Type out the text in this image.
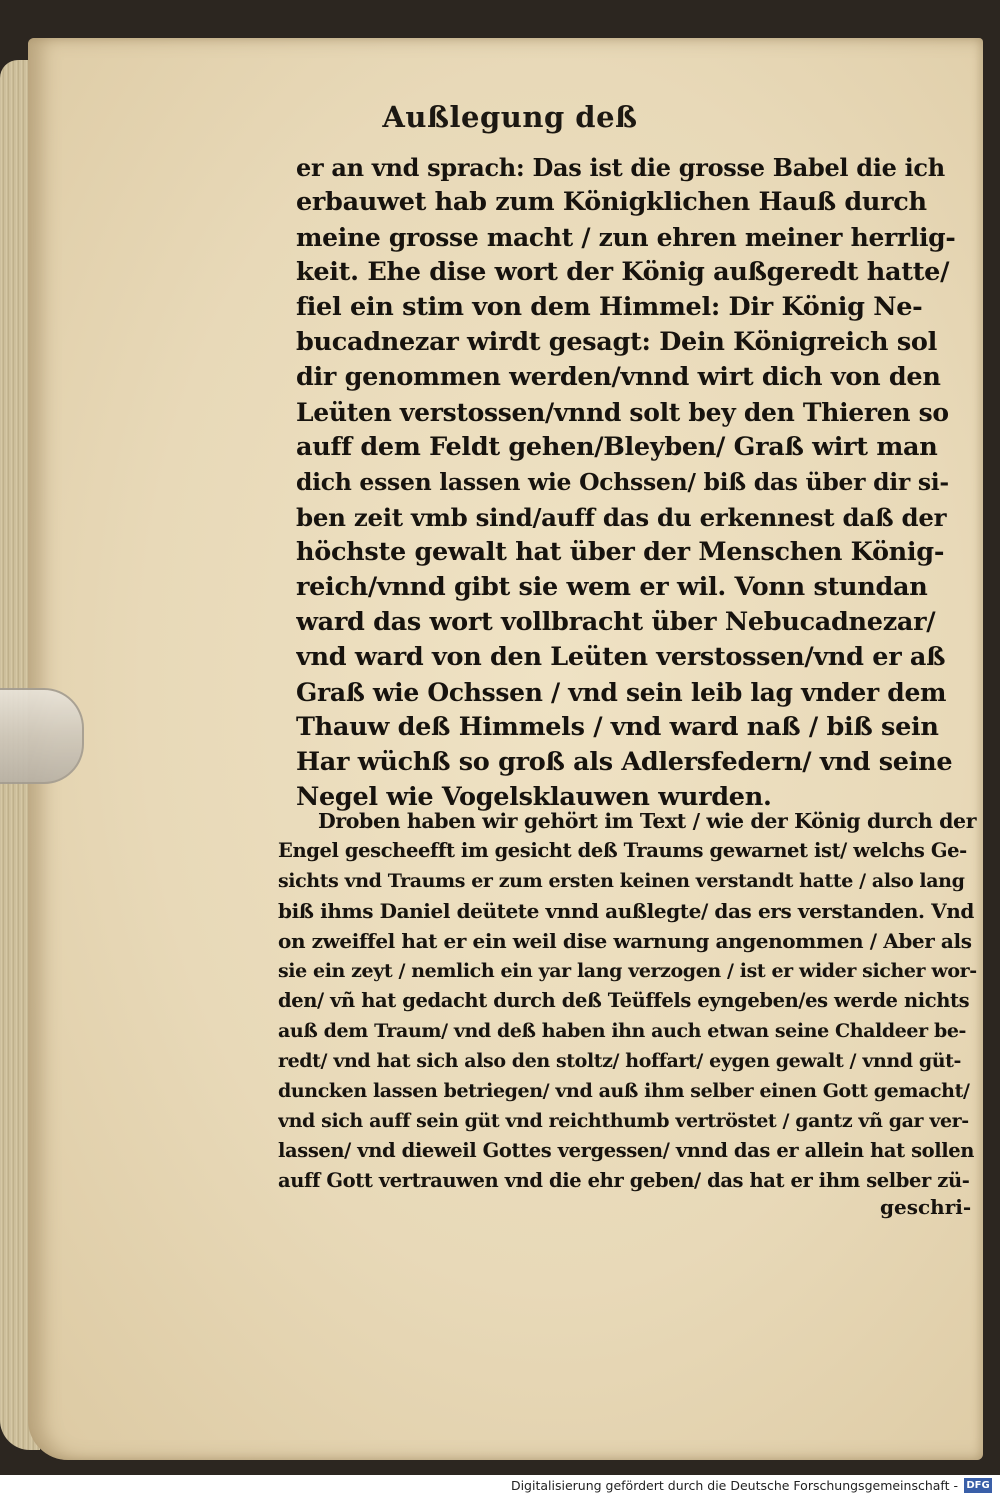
Außlegung deß
er an vnd sprach: Das ist die grosse Babel die ich
erbauwet hab zum Königklichen Hauß durch
meine grosse macht / zun ehren meiner herrlig-
keit. Ehe dise wort der König außgeredt hatte/
fiel ein stim von dem Himmel: Dir König Ne-
bucadnezar wirdt gesagt: Dein Königreich sol
dir genommen werden/vnnd wirt dich von den
Leüten verstossen/vnnd solt bey den Thieren so
auff dem Feldt gehen/Bleyben/ Graß wirt man
dich essen lassen wie Ochssen/ biß das über dir si-
ben zeit vmb sind/auff das du erkennest daß der
höchste gewalt hat über der Menschen König-
reich/vnnd gibt sie wem er wil. Vonn stundan
ward das wort vollbracht über Nebucadnezar/
vnd ward von den Leüten verstossen/vnd er aß
Graß wie Ochssen / vnd sein leib lag vnder dem
Thauw deß Himmels / vnd ward naß / biß sein
Har wüchß so groß als Adlersfedern/ vnd seine
Negel wie Vogelsklauwen wurden.
Droben haben wir gehört im Text / wie der König durch der
Engel gescheefft im gesicht deß Traums gewarnet ist/ welchs Ge-
sichts vnd Traums er zum ersten keinen verstandt hatte / also lang
biß ihms Daniel deütete vnnd außlegte/ das ers verstanden. Vnd
on zweiffel hat er ein weil dise warnung angenommen / Aber als
sie ein zeyt / nemlich ein yar lang verzogen / ist er wider sicher wor-
den/ vñ hat gedacht durch deß Teüffels eyngeben/es werde nichts
auß dem Traum/ vnd deß haben ihn auch etwan seine Chaldeer be-
redt/ vnd hat sich also den stoltz/ hoffart/ eygen gewalt / vnnd güt-
duncken lassen betriegen/ vnd auß ihm selber einen Gott gemacht/
vnd sich auff sein güt vnd reichthumb vertröstet / gantz vñ gar ver-
lassen/ vnd dieweil Gottes vergessen/ vnnd das er allein hat sollen
auff Gott vertrauwen vnd die ehr geben/ das hat er ihm selber zü-
geschri-
Digitalisierung gefördert durch die Deutsche Forschungsgemeinschaft - DFG
